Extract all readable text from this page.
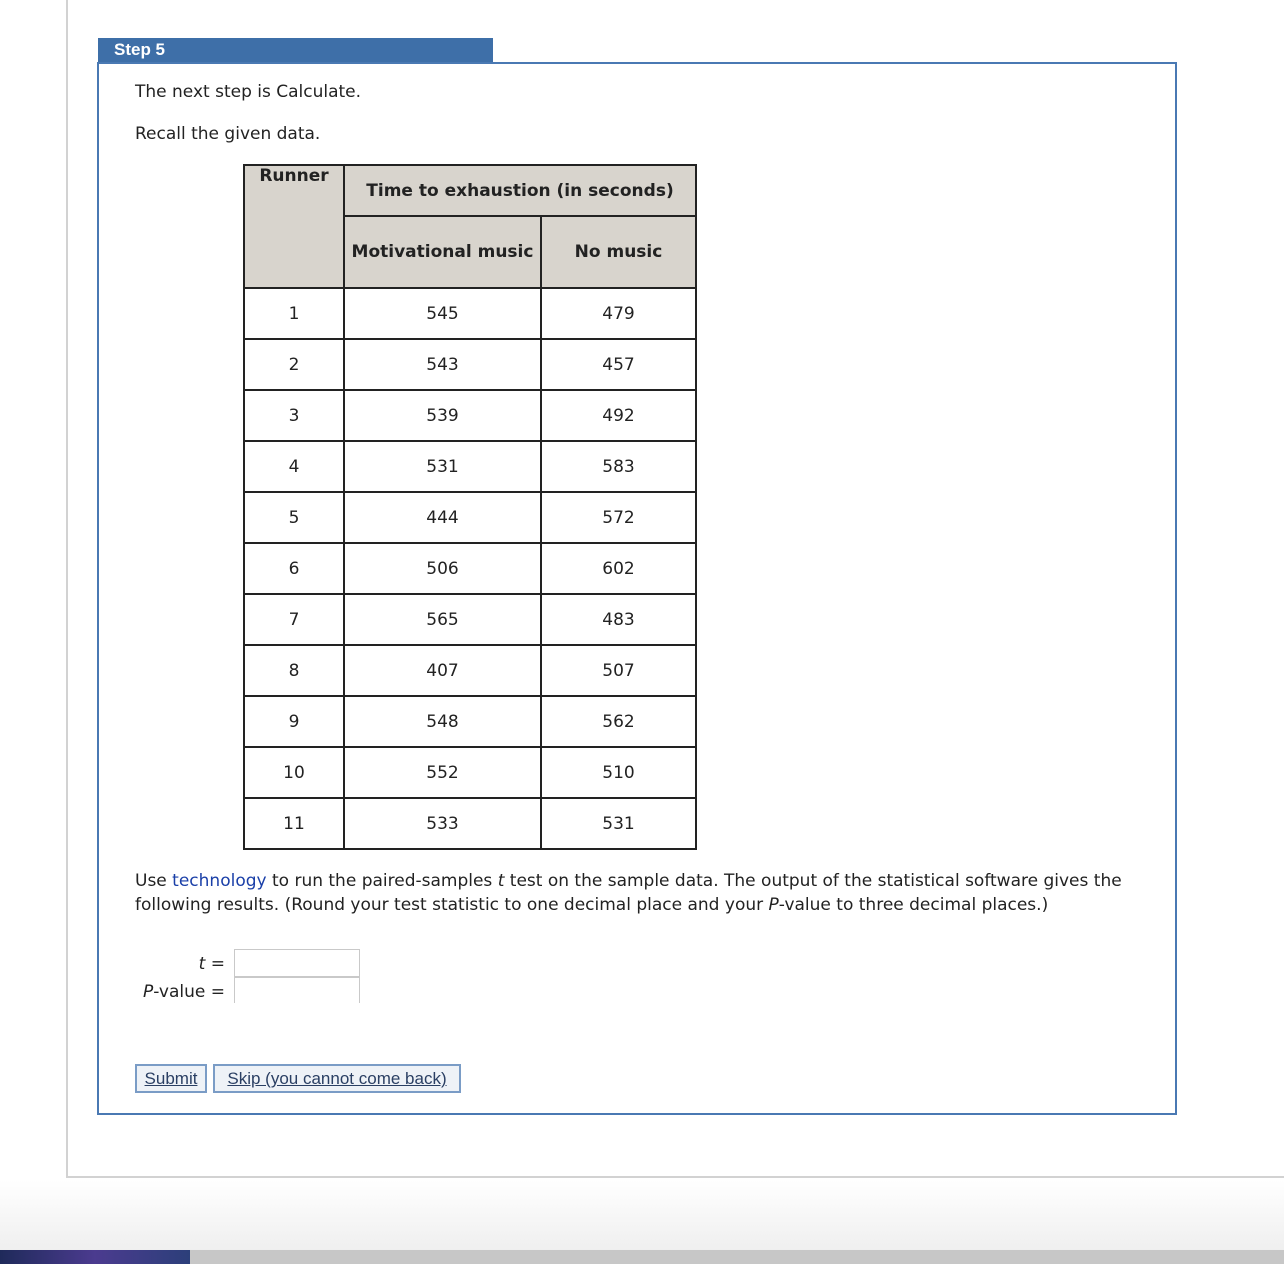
Step 5
The next step is Calculate.
Recall the given data.
Runner	Time to exhaustion (in seconds)	
	Motivational music	No music
1	545	479
2	543	457
3	539	492
4	531	583
5	444	572
6	506	602
7	565	483
8	407	507
9	548	562
10	552	510
11	533	531
Use technology to run the paired-samples t test on the sample data. The output of the statistical software gives the following results. (Round your test statistic to one decimal place and your P-value to three decimal places.)
t =
P-value =
Submit	Skip (you cannot come back)
